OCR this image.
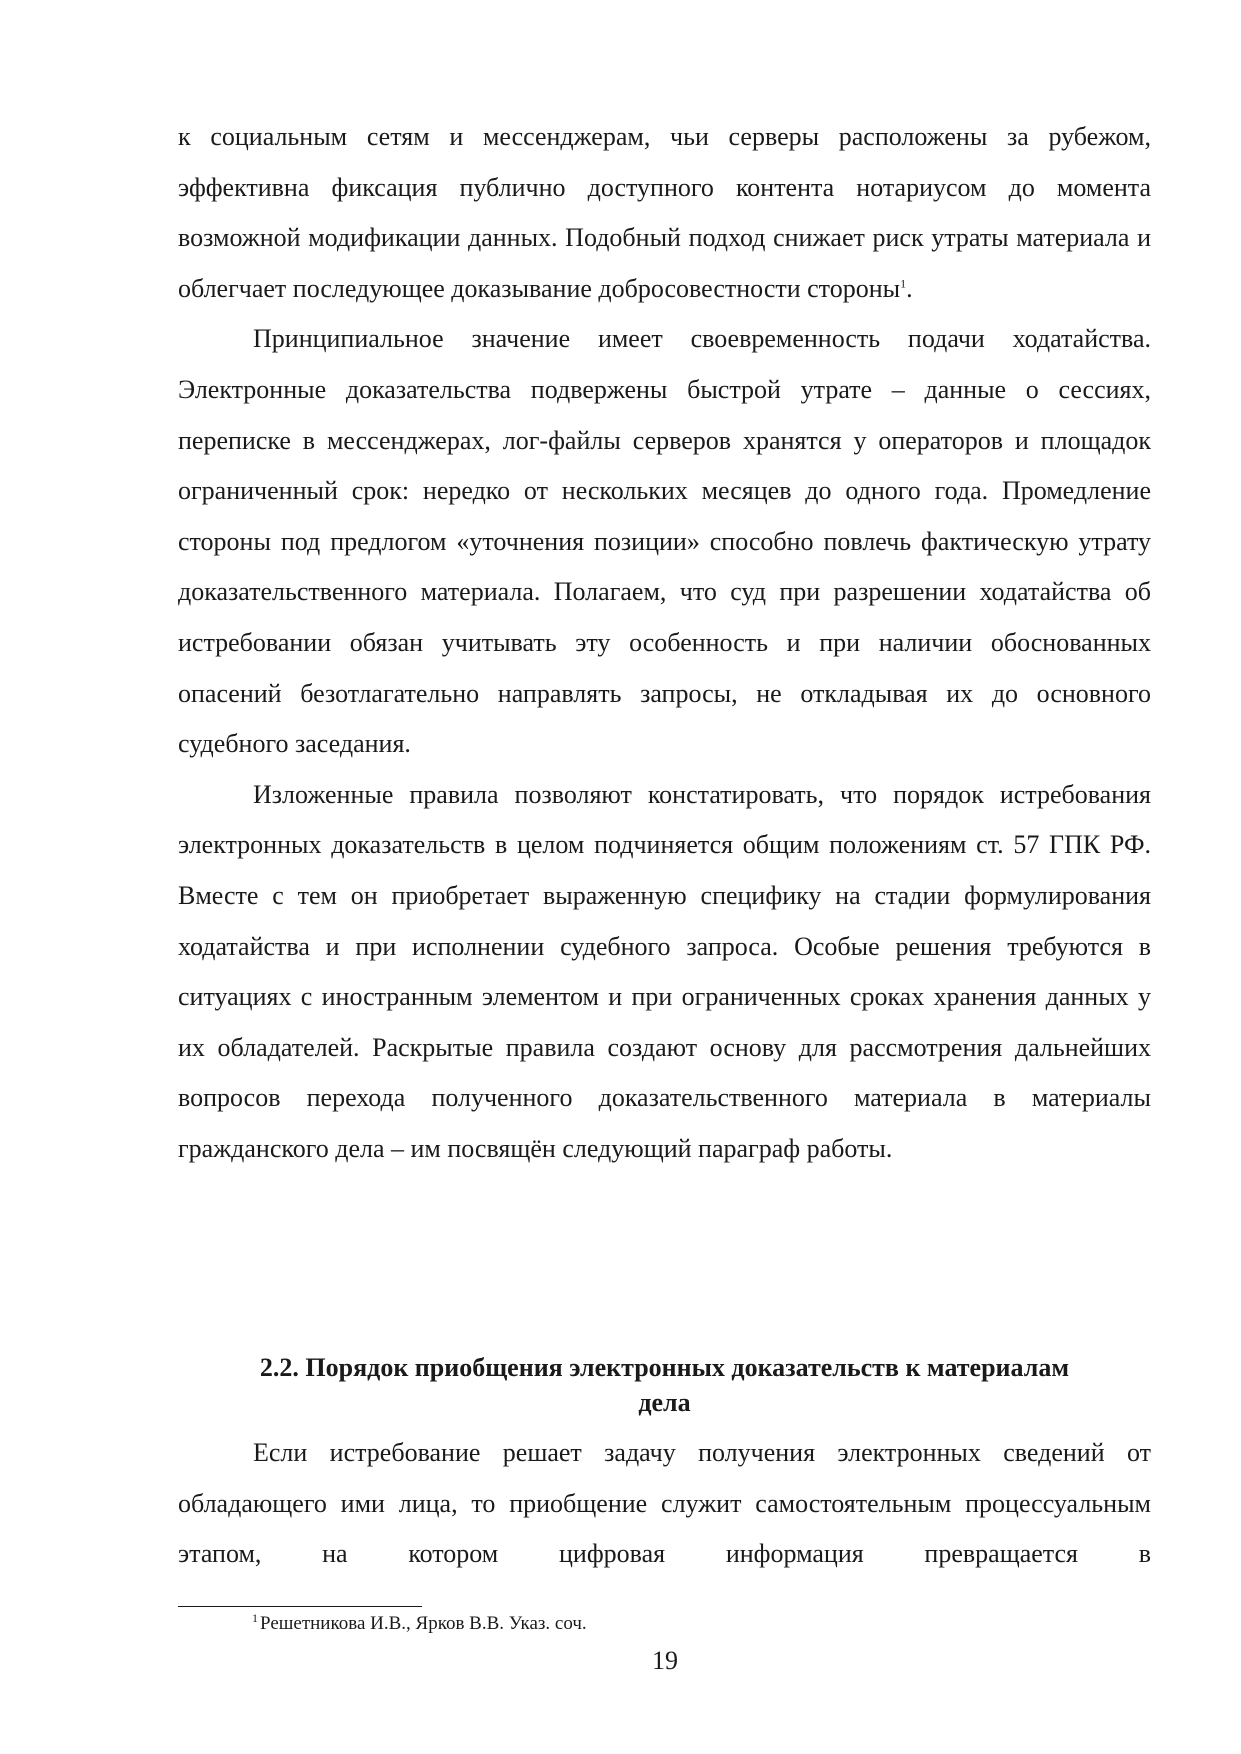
к социальным сетям и мессенджерам, чьи серверы расположены за рубежом, эффективна фиксация публично доступного контента нотариусом до момента возможной модификации данных. Подобный подход снижает риск утраты материала и облегчает последующее доказывание добросовестности стороны$^1$.

Принципиальное значение имеет своевременность подачи ходатайства. Электронные доказательства подвержены быстрой утрате – данные о сессиях, переписке в мессенджерах, лог-файлы серверов хранятся у операторов и площадок ограниченный срок: нередко от нескольких месяцев до одного года. Промедление стороны под предлогом «уточнения позиции» способно повлечь фактическую утрату доказательственного материала. Полагаем, что суд при разрешении ходатайства об истребовании обязан учитывать эту особенность и при наличии обоснованных опасений безотлагательно направлять запросы, не откладывая их до основного судебного заседания.

Изложенные правила позволяют констатировать, что порядок истребования электронных доказательств в целом подчиняется общим положениям ст. 57 ГПК РФ. Вместе с тем он приобретает выраженную специфику на стадии формулирования ходатайства и при исполнении судебного запроса. Особые решения требуются в ситуациях с иностранным элементом и при ограниченных сроках хранения данных у их обладателей. Раскрытые правила создают основу для рассмотрения дальнейших вопросов перехода полученного доказательственного материала в материалы гражданского дела – им посвящён следующий параграф работы.

2.2. Порядок приобщения электронных доказательств к материалам
дела

Если истребование решает задачу получения электронных сведений от обладающего ими лица, то приобщение служит самостоятельным процессуальным этапом, на котором цифровая информация превращается в

$^1$ Решетникова И.В., Ярков В.В. Указ. соч.
19
